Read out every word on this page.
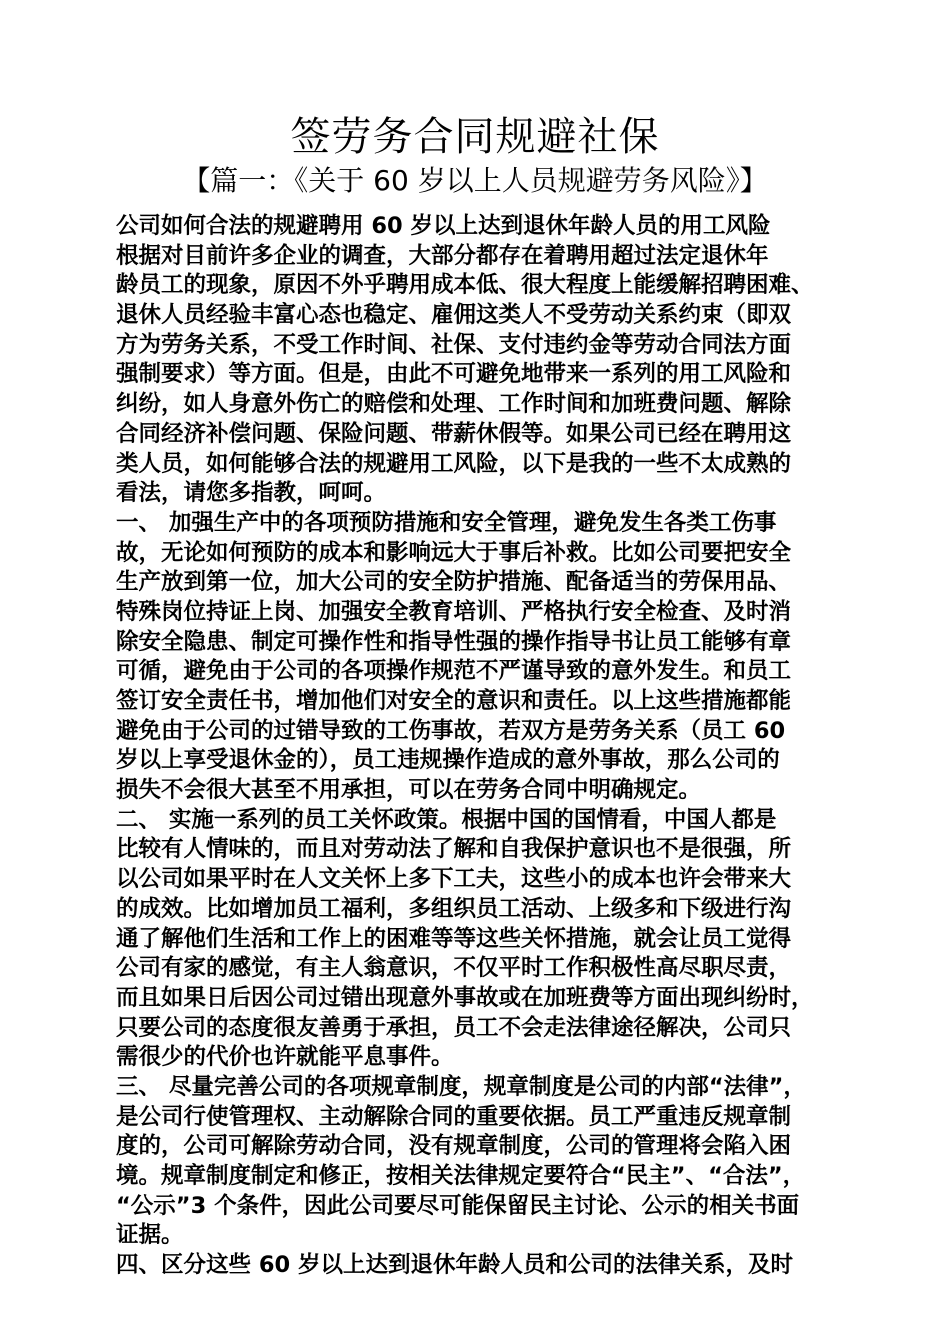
签劳务合同规避社保
【篇一：《关于 60 岁以上人员规避劳务风险》】
公司如何合法的规避聘用 60 岁以上达到退休年龄人员的用工风险
根据对目前许多企业的调查，大部分都存在着聘用超过法定退休年
龄员工的现象，原因不外乎聘用成本低、很大程度上能缓解招聘困难、
退休人员经验丰富心态也稳定、雇佣这类人不受劳动关系约束（即双
方为劳务关系，不受工作时间、社保、支付违约金等劳动合同法方面
强制要求）等方面。但是，由此不可避免地带来一系列的用工风险和
纠纷，如人身意外伤亡的赔偿和处理、工作时间和加班费问题、解除
合同经济补偿问题、保险问题、带薪休假等。如果公司已经在聘用这
类人员，如何能够合法的规避用工风险，以下是我的一些不太成熟的
看法，请您多指教，呵呵。
一、 加强生产中的各项预防措施和安全管理，避免发生各类工伤事
故，无论如何预防的成本和影响远大于事后补救。比如公司要把安全
生产放到第一位，加大公司的安全防护措施、配备适当的劳保用品、
特殊岗位持证上岗、加强安全教育培训、严格执行安全检查、及时消
除安全隐患、制定可操作性和指导性强的操作指导书让员工能够有章
可循，避免由于公司的各项操作规范不严谨导致的意外发生。和员工
签订安全责任书，增加他们对安全的意识和责任。以上这些措施都能
避免由于公司的过错导致的工伤事故，若双方是劳务关系（员工 60
岁以上享受退休金的），员工违规操作造成的意外事故，那么公司的
损失不会很大甚至不用承担，可以在劳务合同中明确规定。
二、 实施一系列的员工关怀政策。根据中国的国情看，中国人都是
比较有人情味的，而且对劳动法了解和自我保护意识也不是很强，所
以公司如果平时在人文关怀上多下工夫，这些小的成本也许会带来大
的成效。比如增加员工福利，多组织员工活动、上级多和下级进行沟
通了解他们生活和工作上的困难等等这些关怀措施，就会让员工觉得
公司有家的感觉，有主人翁意识，不仅平时工作积极性高尽职尽责，
而且如果日后因公司过错出现意外事故或在加班费等方面出现纠纷时，
只要公司的态度很友善勇于承担，员工不会走法律途径解决，公司只
需很少的代价也许就能平息事件。
三、 尽量完善公司的各项规章制度，规章制度是公司的内部“法律”，
是公司行使管理权、主动解除合同的重要依据。员工严重违反规章制
度的，公司可解除劳动合同，没有规章制度，公司的管理将会陷入困
境。规章制度制定和修正，按相关法律规定要符合“民主”、“合法”，
“公示”3 个条件，因此公司要尽可能保留民主讨论、公示的相关书面
证据。
四、区分这些 60 岁以上达到退休年龄人员和公司的法律关系，及时
